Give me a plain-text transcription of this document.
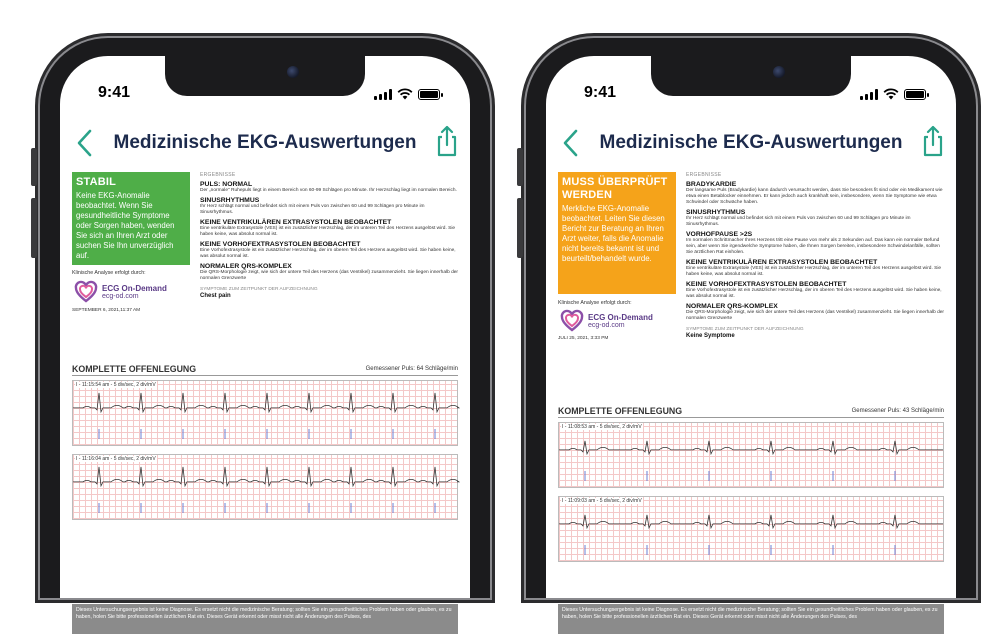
9:41
Medizinische EKG-Auswertungen
STABIL
Keine EKG-Anomalie beobachtet. Wenn Sie gesundheitliche Symptome oder Sorgen haben, wenden Sie sich an Ihren Arzt oder suchen Sie Ihn unverzüglich auf.
Klinische Analyse erfolgt durch:
ECG On-Demand
ecg-od.com
SEPTEMBER 6, 2021,11:37 AM
ERGEBNISSE
PULS: NORMAL
Der „normale" Ruhepuls liegt in einem Bereich von 60-99 Schlägen pro Minute. Ihr Herzschlag liegt im normalen Bereich.
SINUSRHYTHMUS
Ihr Herz schlägt normal und befindet sich mit einem Puls von zwischen 60 und 99 Schlägen pro Minute im Sinusrhythmus.
KEINE VENTRIKULÄREN EXTRASYSTOLEN BEOBACHTET
Eine ventrikuläre Extrasystole (VES) ist ein zusätzlicher Herzschlag, der im unteren Teil des Herzens ausgelöst wird. Sie haben keine, was absolut normal ist.
KEINE VORHOFEXTRASYSTOLEN BEOBACHTET
Eine Vorhofextrasystole ist ein zusätzlicher Herzschlag, der im oberen Teil des Herzens ausgelöst wird. Sie haben keine, was absolut normal ist.
NORMALER QRS-KOMPLEX
Die QRS-Morphologie zeigt, wie sich der untere Teil des Herzens (das Ventrikel) zusammenzieht. Sie liegen innerhalb der normalen Grenzwerte
SYMPTOME ZUM ZEITPUNKT DER AUFZEICHNUNG
Chest pain
KOMPLETTE OFFENLEGUNG	Gemessener Puls: 64 Schläge/min
I - 11:15:54 am - 5 div/sec, 2 div/mV
I - 11:16:04 am - 5 div/sec, 2 div/mV
Dieses Untersuchungsergebnis ist keine Diagnose. Es ersetzt nicht die medizinische Beratung; sollten Sie ein gesundheitliches Problem haben oder glauben, es zu haben, holen Sie bitte professionellen ärztlichen Rat ein. Dieses Gerät erkennt oder misst nicht alle Änderungen des Pulses, des
9:41
Medizinische EKG-Auswertungen
MUSS ÜBERPRÜFT WERDEN
Merkliche EKG-Anomalie beobachtet. Leiten Sie diesen Bericht zur Beratung an Ihren Arzt weiter, falls die Anomalie nicht bereits bekannt ist und beurteilt/behandelt wurde.
Klinische Analyse erfolgt durch:
ECG On-Demand
ecg-od.com
JULI 25, 2021, 3:33 PM
ERGEBNISSE
BRADYKARDIE
Der langsame Puls (Bradykardie) kann dadurch verursacht werden, dass Sie besonders fit sind oder ein Medikament wie etwa einen Betablocker einnehmen. Er kann jedoch auch krankhaft sein, insbesondere, wenn Sie Symptome wie etwa Schwindel oder Schwäche haben.
SINUSRHYTHMUS
Ihr Herz schlägt normal und befindet sich mit einem Puls von zwischen 60 und 99 Schlägen pro Minute im Sinusrhythmus.
VORHOFPAUSE >2S
Im normalen Schrittmacher Ihres Herzens tritt eine Pause von mehr als 2 Sekunden auf. Das kann ein normaler Befund sein, aber wenn Sie irgendwelche Symptome haben, die Ihnen Sorgen bereiten, insbesondere Schwindelanfälle, sollten Sie ärztlichen Rat einholen.
KEINE VENTRIKULÄREN EXTRASYSTOLEN BEOBACHTET
Eine ventrikuläre Extrasystole (VES) ist ein zusätzlicher Herzschlag, der im unteren Teil des Herzens ausgelöst wird. Sie haben keine, was absolut normal ist.
KEINE VORHOFEXTRASYSTOLEN BEOBACHTET
Eine Vorhofextrasystole ist ein zusätzlicher Herzschlag, der im oberen Teil des Herzens ausgelöst wird. Sie haben keine, was absolut normal ist.
NORMALER QRS-KOMPLEX
Die QRS-Morphologie zeigt, wie sich der untere Teil des Herzens (das Ventrikel) zusammenzieht. Sie liegen innerhalb der normalen Grenzwerte
SYMPTOME ZUM ZEITPUNKT DER AUFZEICHNUNG
Keine Symptome
KOMPLETTE OFFENLEGUNG	Gemessener Puls: 43 Schläge/min
I - 11:08:53 am - 5 div/sec, 2 div/mV
I - 11:09:03 am - 5 div/sec, 2 div/mV
Dieses Untersuchungsergebnis ist keine Diagnose. Es ersetzt nicht die medizinische Beratung; sollten Sie ein gesundheitliches Problem haben oder glauben, es zu haben, holen Sie bitte professionellen ärztlichen Rat ein. Dieses Gerät erkennt oder misst nicht alle Änderungen des Pulses, des
